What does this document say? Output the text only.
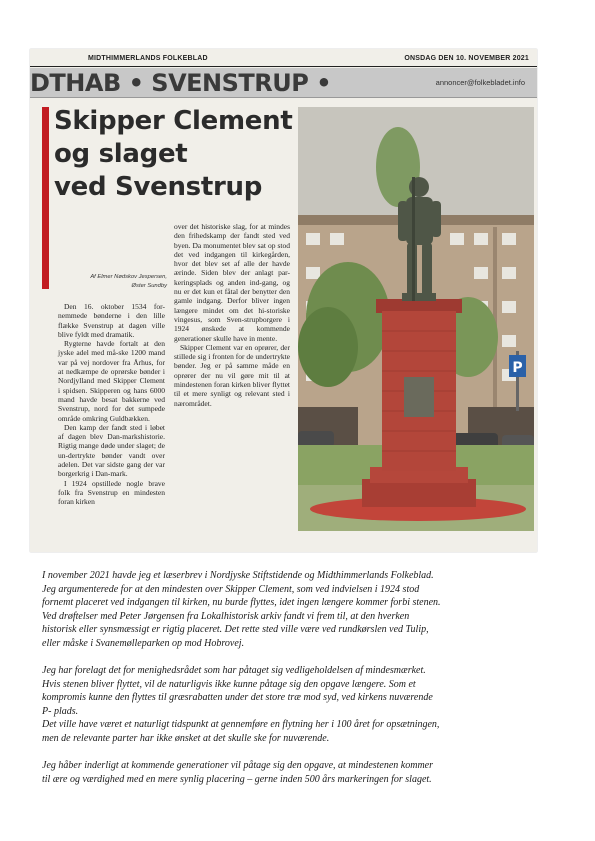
MIDTHIMMERLANDS FOLKEBLAD	ONSDAG DEN 10. NOVEMBER 2021
DTHAB • SVENSTRUP •	annoncer@folkebladet.info
Skipper Clement
og slaget
ved Svenstrup
Af Elmer Nødskov Jespersen,
Øster Sundby

Den 16. oktober 1534 for-nemmede bønderne i den lille flække Svenstrup at dagen ville blive fyldt med dramatik.

Rygterne havde fortalt at den jyske adel med må-ske 1200 mand var på vej nordover fra Århus, for at nedkæmpe de oprørske bønder i Nordjylland med Skipper Clement i spidsen. Skipperen og hans 6000 mand havde besat bakkerne ved Svenstrup, nord for det sumpede område omkring Guldbækken.

Den kamp der fandt sted i løbet af dagen blev Dan-markshistorie. Rigtig mange døde under slaget; de un-dertrykte bønder vandt over adelen. Det var sidste gang der var borgerkrig i Dan-mark.

I 1924 opstillede nogle brave folk fra Svenstrup en mindesten foran kirken

over det historiske slag, for at mindes den frihedskamp der fandt sted ved byen. Da monumentet blev sat op stod det ved indgangen til kirkegården, hvor det blev set af alle der havde ærinde. Siden blev der anlagt par-keringsplads og anden ind-gang, og nu er det kun et fåtal der benytter den gamle indgang. Derfor bliver ingen længere mindet om det hi-storiske vingesus, som Sven-strupborgere i 1924 ønskede at kommende generationer skulle have in mente.

Skipper Clement var en oprører, der stillede sig i fronten for de undertrykte bønder. Jeg er på samme måde en oprører der nu vil gøre mit til at mindestenen foran kirken bliver flyttet til et mere synligt og relevant sted i nærområdet.

P

I november 2021 havde jeg et læserbrev i Nordjyske Stiftstidende og Midthimmerlands Folkeblad.
Jeg argumenterede for at den mindesten over Skipper Clement, som ved indvielsen i 1924 stod
fornemt placeret ved indgangen til kirken, nu burde flyttes, idet ingen længere kommer forbi stenen.
Ved drøftelser med Peter Jørgensen fra Lokalhistorisk arkiv fandt vi frem til, at den hverken
historisk eller synsmæssigt er rigtig placeret. Det rette sted ville være ved rundkørslen ved Tulip,
eller måske i Svanemølleparken op mod Hobrovej.

Jeg har forelagt det for menighedsrådet som har påtaget sig vedligeholdelsen af mindesmærket.
Hvis stenen bliver flyttet, vil de naturligvis ikke kunne påtage sig den opgave længere. Som et
kompromis kunne den flyttes til græsrabatten under det store træ mod syd, ved kirkens nuværende
P- plads.
Det ville have været et naturligt tidspunkt at gennemføre en flytning her i 100 året for opsætningen,
men de relevante parter har ikke ønsket at det skulle ske for nuværende.

Jeg håber inderligt at kommende generationer vil påtage sig den opgave, at mindestenen kommer
til ære og værdighed med en mere synlig placering – gerne inden 500 års markeringen for slaget.
